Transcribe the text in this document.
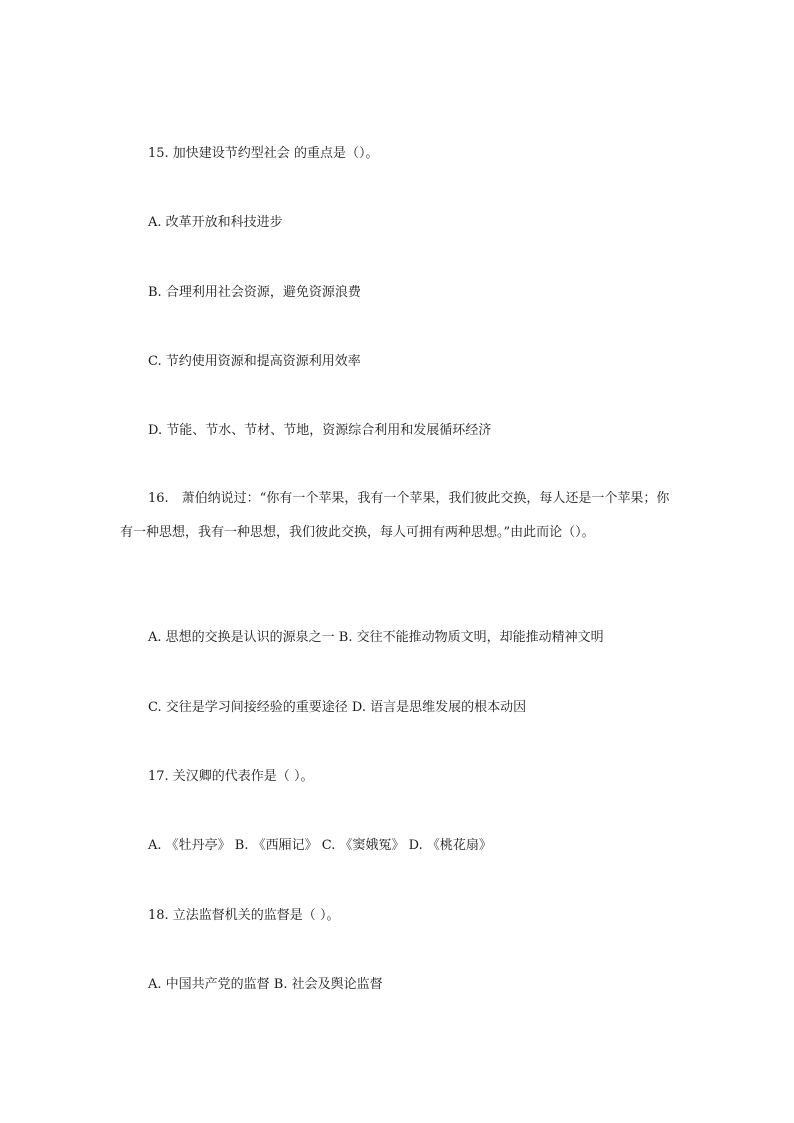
15. 加快建设节约型社会 的重点是（）。
A. 改革开放和科技进步
B. 合理利用社会资源，避免资源浪费
C. 节约使用资源和提高资源利用效率
D. 节能、节水、节材、节地，资源综合利用和发展循环经济
16.　萧伯纳说过：“你有一个苹果，我有一个苹果，我们彼此交换，每人还是一个苹果；你有一种思想，我有一种思想，我们彼此交换，每人可拥有两种思想。”由此而论（）。
A. 思想的交换是认识的源泉之一 B. 交往不能推动物质文明，却能推动精神文明
C. 交往是学习间接经验的重要途径 D. 语言是思维发展的根本动因
17. 关汉卿的代表作是（ ）。
A. 《牡丹亭》 B. 《西厢记》 C. 《窦娥冤》 D. 《桃花扇》
18. 立法监督机关的监督是（ ）。
A. 中国共产党的监督 B. 社会及舆论监督
